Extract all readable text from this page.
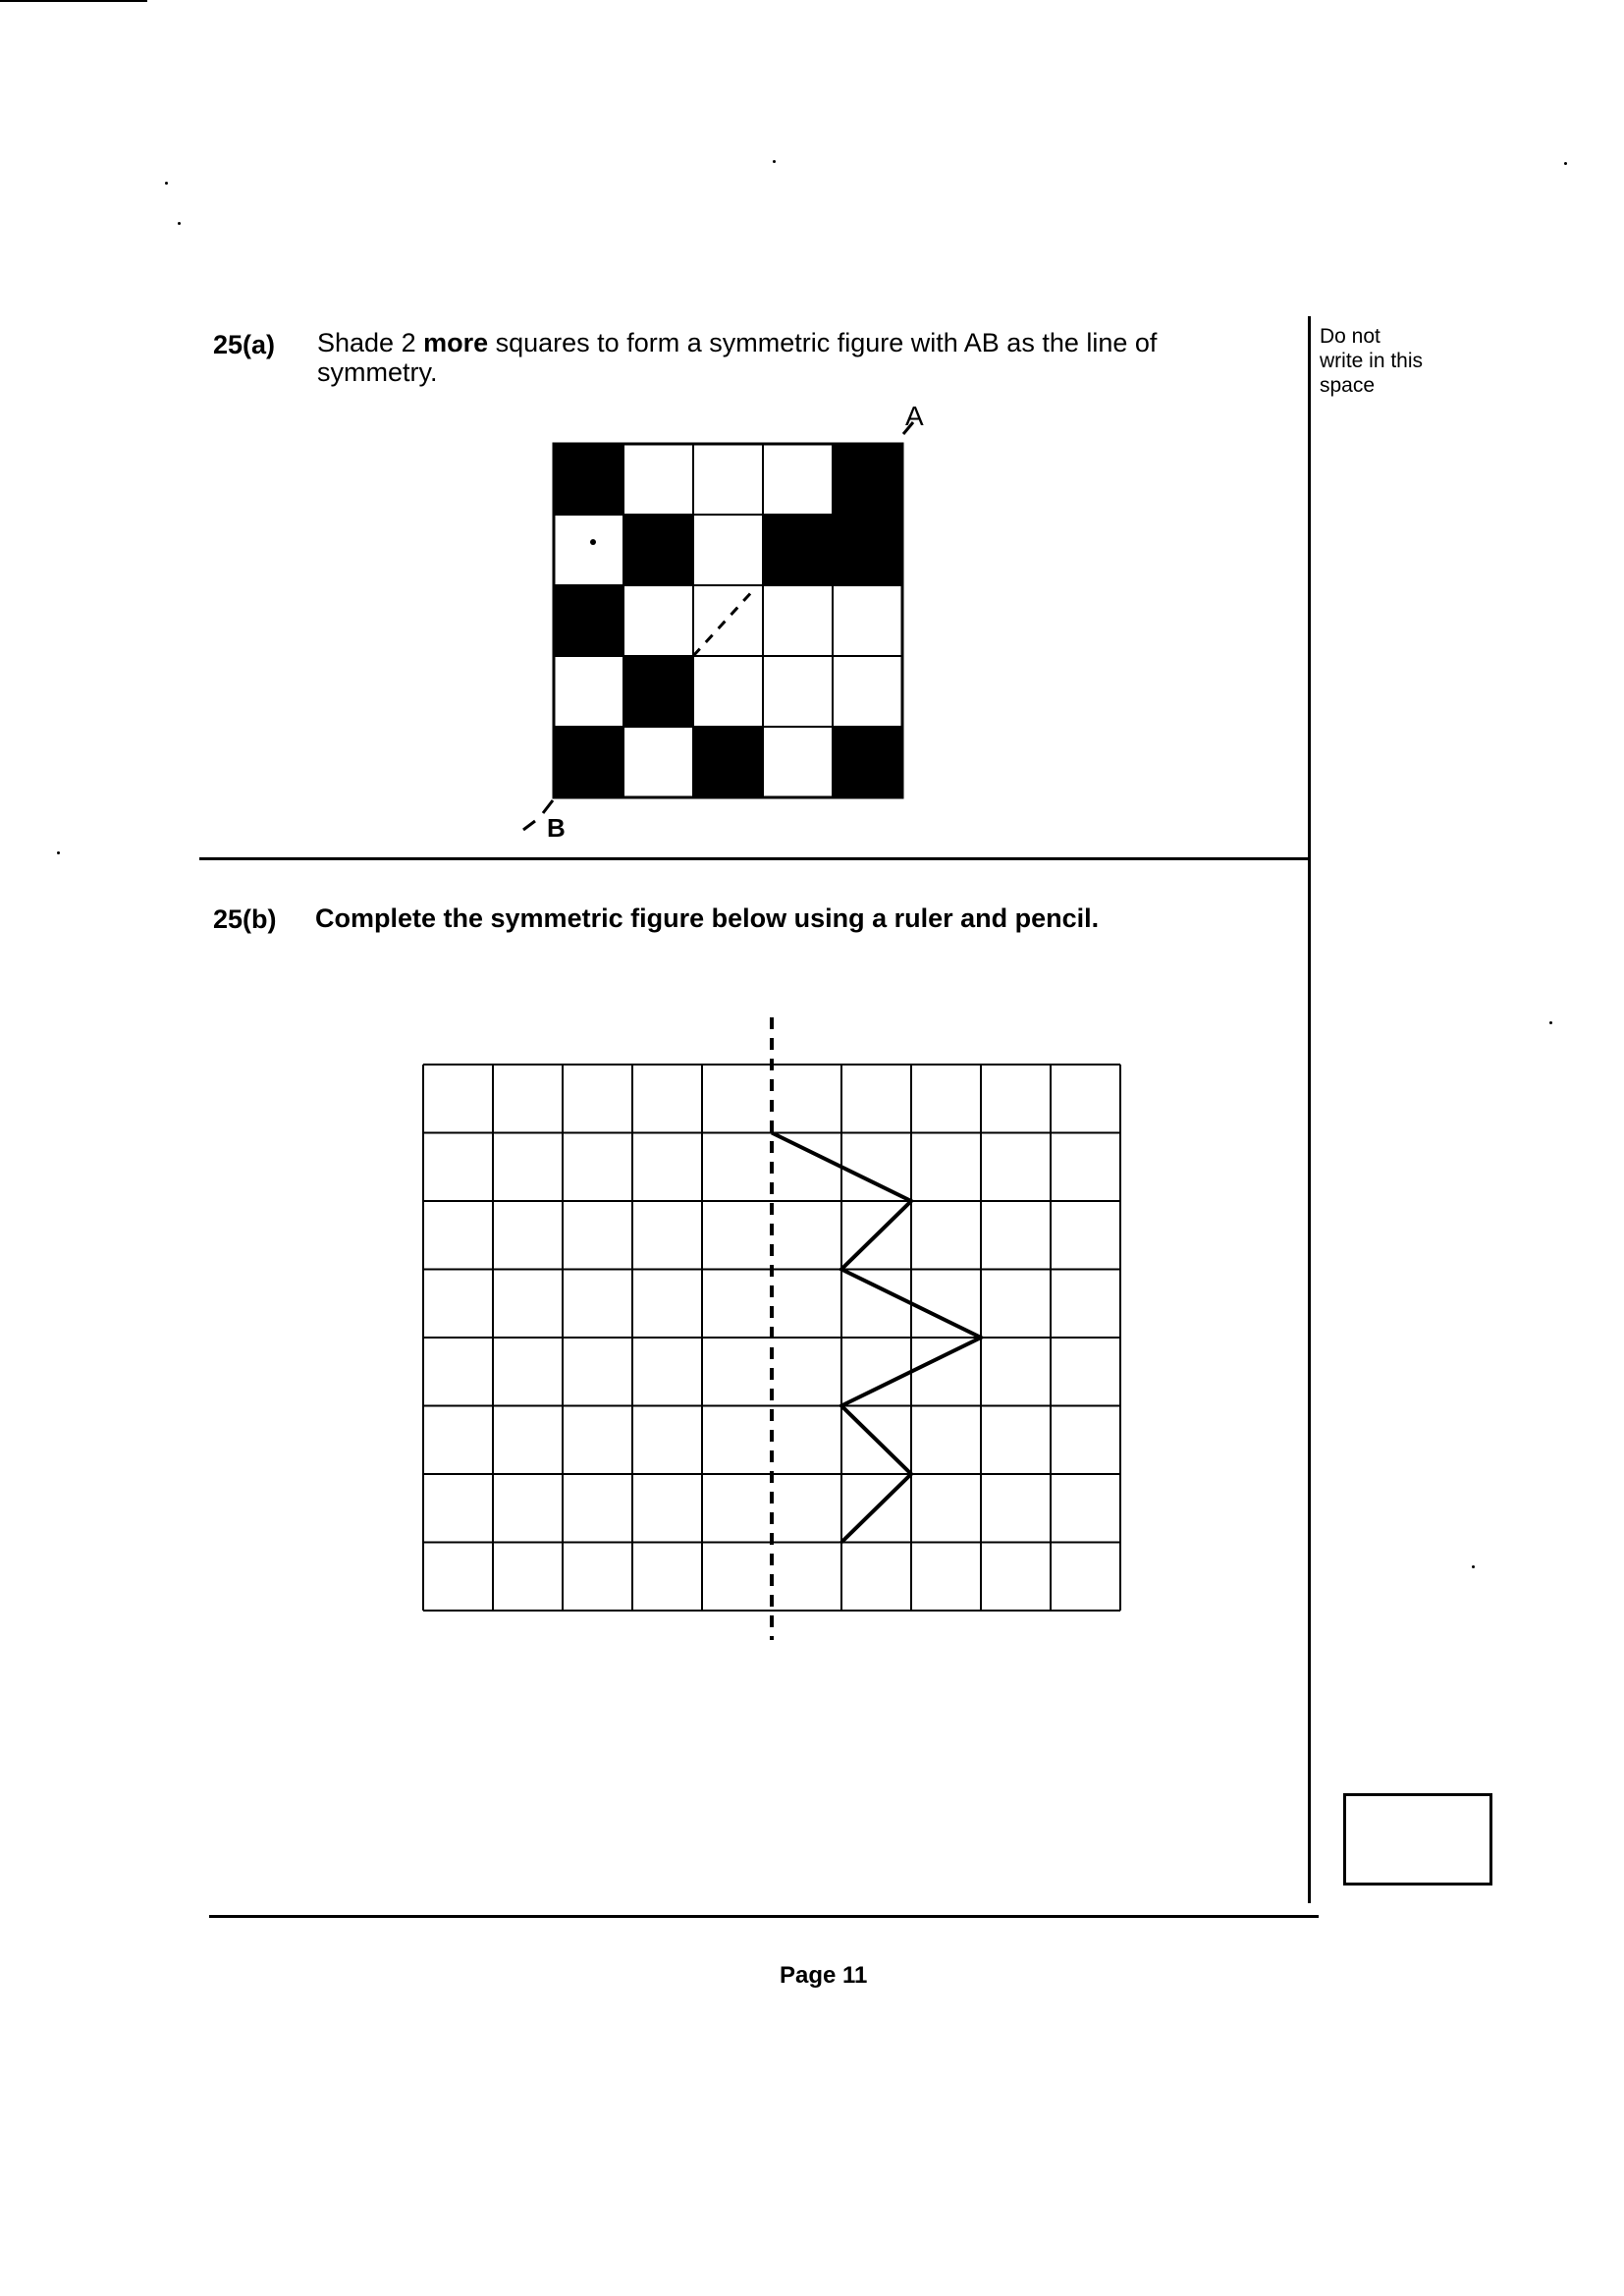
25(a) Shade 2 more squares to form a symmetric figure with AB as the line of
symmetry.
Do not
write in this
space
A
B
25(b) Complete the symmetric figure below using a ruler and pencil.
Page 11
